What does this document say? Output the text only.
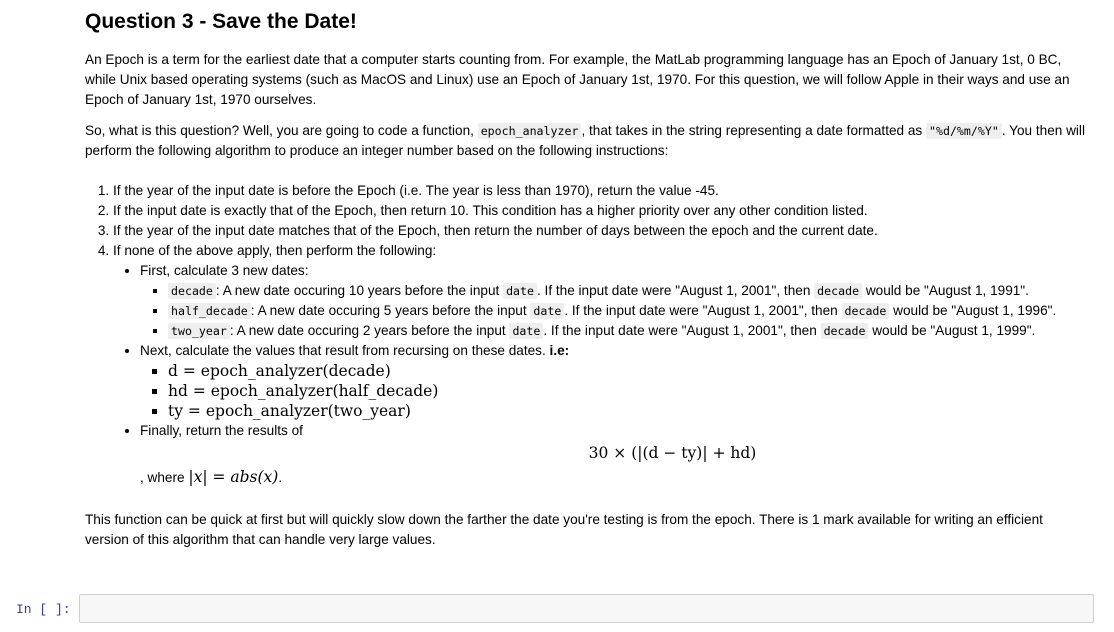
Question 3 - Save the Date!

An Epoch is a term for the earliest date that a computer starts counting from. For example, the MatLab programming language has an Epoch of January 1st, 0 BC, while Unix based operating systems (such as MacOS and Linux) use an Epoch of January 1st, 1970. For this question, we will follow Apple in their ways and use an Epoch of January 1st, 1970 ourselves.

So, what is this question? Well, you are going to code a function, epoch_analyzer , that takes in the string representing a date formatted as "%d/%m/%Y" . You then will perform the following algorithm to produce an integer number based on the following instructions:

1. If the year of the input date is before the Epoch (i.e. The year is less than 1970), return the value -45.
2. If the input date is exactly that of the Epoch, then return 10. This condition has a higher priority over any other condition listed.
3. If the year of the input date matches that of the Epoch, then return the number of days between the epoch and the current date.
4. If none of the above apply, then perform the following:
• First, calculate 3 new dates:
▪ decade : A new date occuring 10 years before the input date . If the input date were "August 1, 2001", then decade would be "August 1, 1991".
▪ half_decade : A new date occuring 5 years before the input date . If the input date were "August 1, 2001", then decade would be "August 1, 1996".
▪ two_year : A new date occuring 2 years before the input date . If the input date were "August 1, 2001", then decade would be "August 1, 1999".
• Next, calculate the values that result from recursing on these dates. i.e:
▪ d = epoch_analyzer(decade)
▪ hd = epoch_analyzer(half_decade)
▪ ty = epoch_analyzer(two_year)
• Finally, return the results of
30 × (|(d − ty)| + hd)
, where |x| = abs(x).

This function can be quick at first but will quickly slow down the farther the date you're testing is from the epoch. There is 1 mark available for writing an efficient version of this algorithm that can handle very large values.

In [ ]:
